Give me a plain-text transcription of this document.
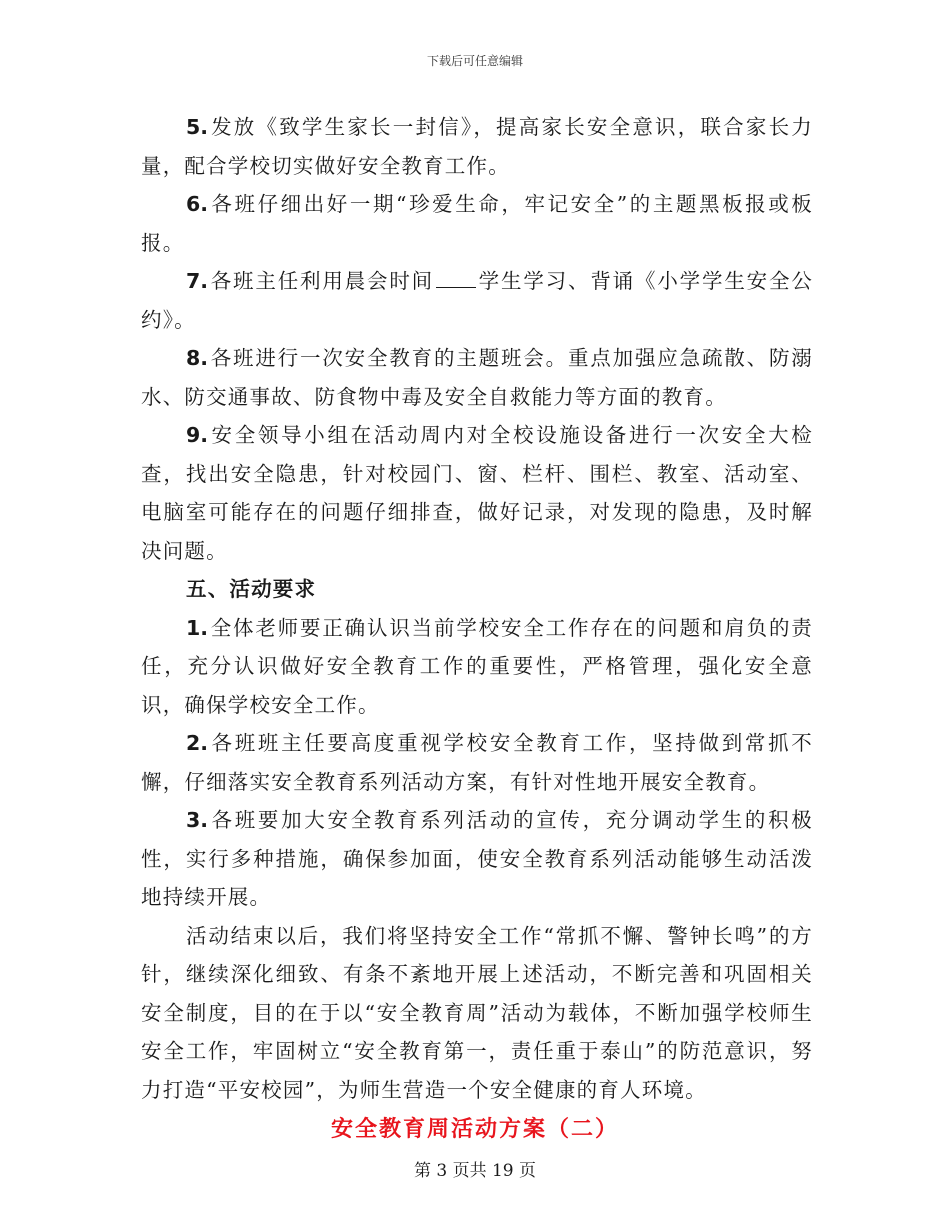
下载后可任意编辑

5.发放《致学生家长一封信》，提高家长安全意识，联合家长力量，配合学校切实做好安全教育工作。

6.各班仔细出好一期“珍爱生命，牢记安全”的主题黑板报或板报。

7.各班主任利用晨会时间 学生学习、背诵《小学学生安全公约》。

8.各班进行一次安全教育的主题班会。重点加强应急疏散、防溺水、防交通事故、防食物中毒及安全自救能力等方面的教育。

9.安全领导小组在活动周内对全校设施设备进行一次安全大检查，找出安全隐患，针对校园门、窗、栏杆、围栏、教室、活动室、电脑室可能存在的问题仔细排查，做好记录，对发现的隐患，及时解决问题。

五、活动要求

1.全体老师要正确认识当前学校安全工作存在的问题和肩负的责任，充分认识做好安全教育工作的重要性，严格管理，强化安全意识，确保学校安全工作。

2.各班班主任要高度重视学校安全教育工作，坚持做到常抓不懈，仔细落实安全教育系列活动方案，有针对性地开展安全教育。

3.各班要加大安全教育系列活动的宣传，充分调动学生的积极性，实行多种措施，确保参加面，使安全教育系列活动能够生动活泼地持续开展。

活动结束以后，我们将坚持安全工作“常抓不懈、警钟长鸣”的方针，继续深化细致、有条不紊地开展上述活动，不断完善和巩固相关安全制度，目的在于以“安全教育周”活动为载体，不断加强学校师生安全工作，牢固树立“安全教育第一，责任重于泰山”的防范意识，努力打造“平安校园”，为师生营造一个安全健康的育人环境。

安全教育周活动方案（二）
第 3 页共 19 页
